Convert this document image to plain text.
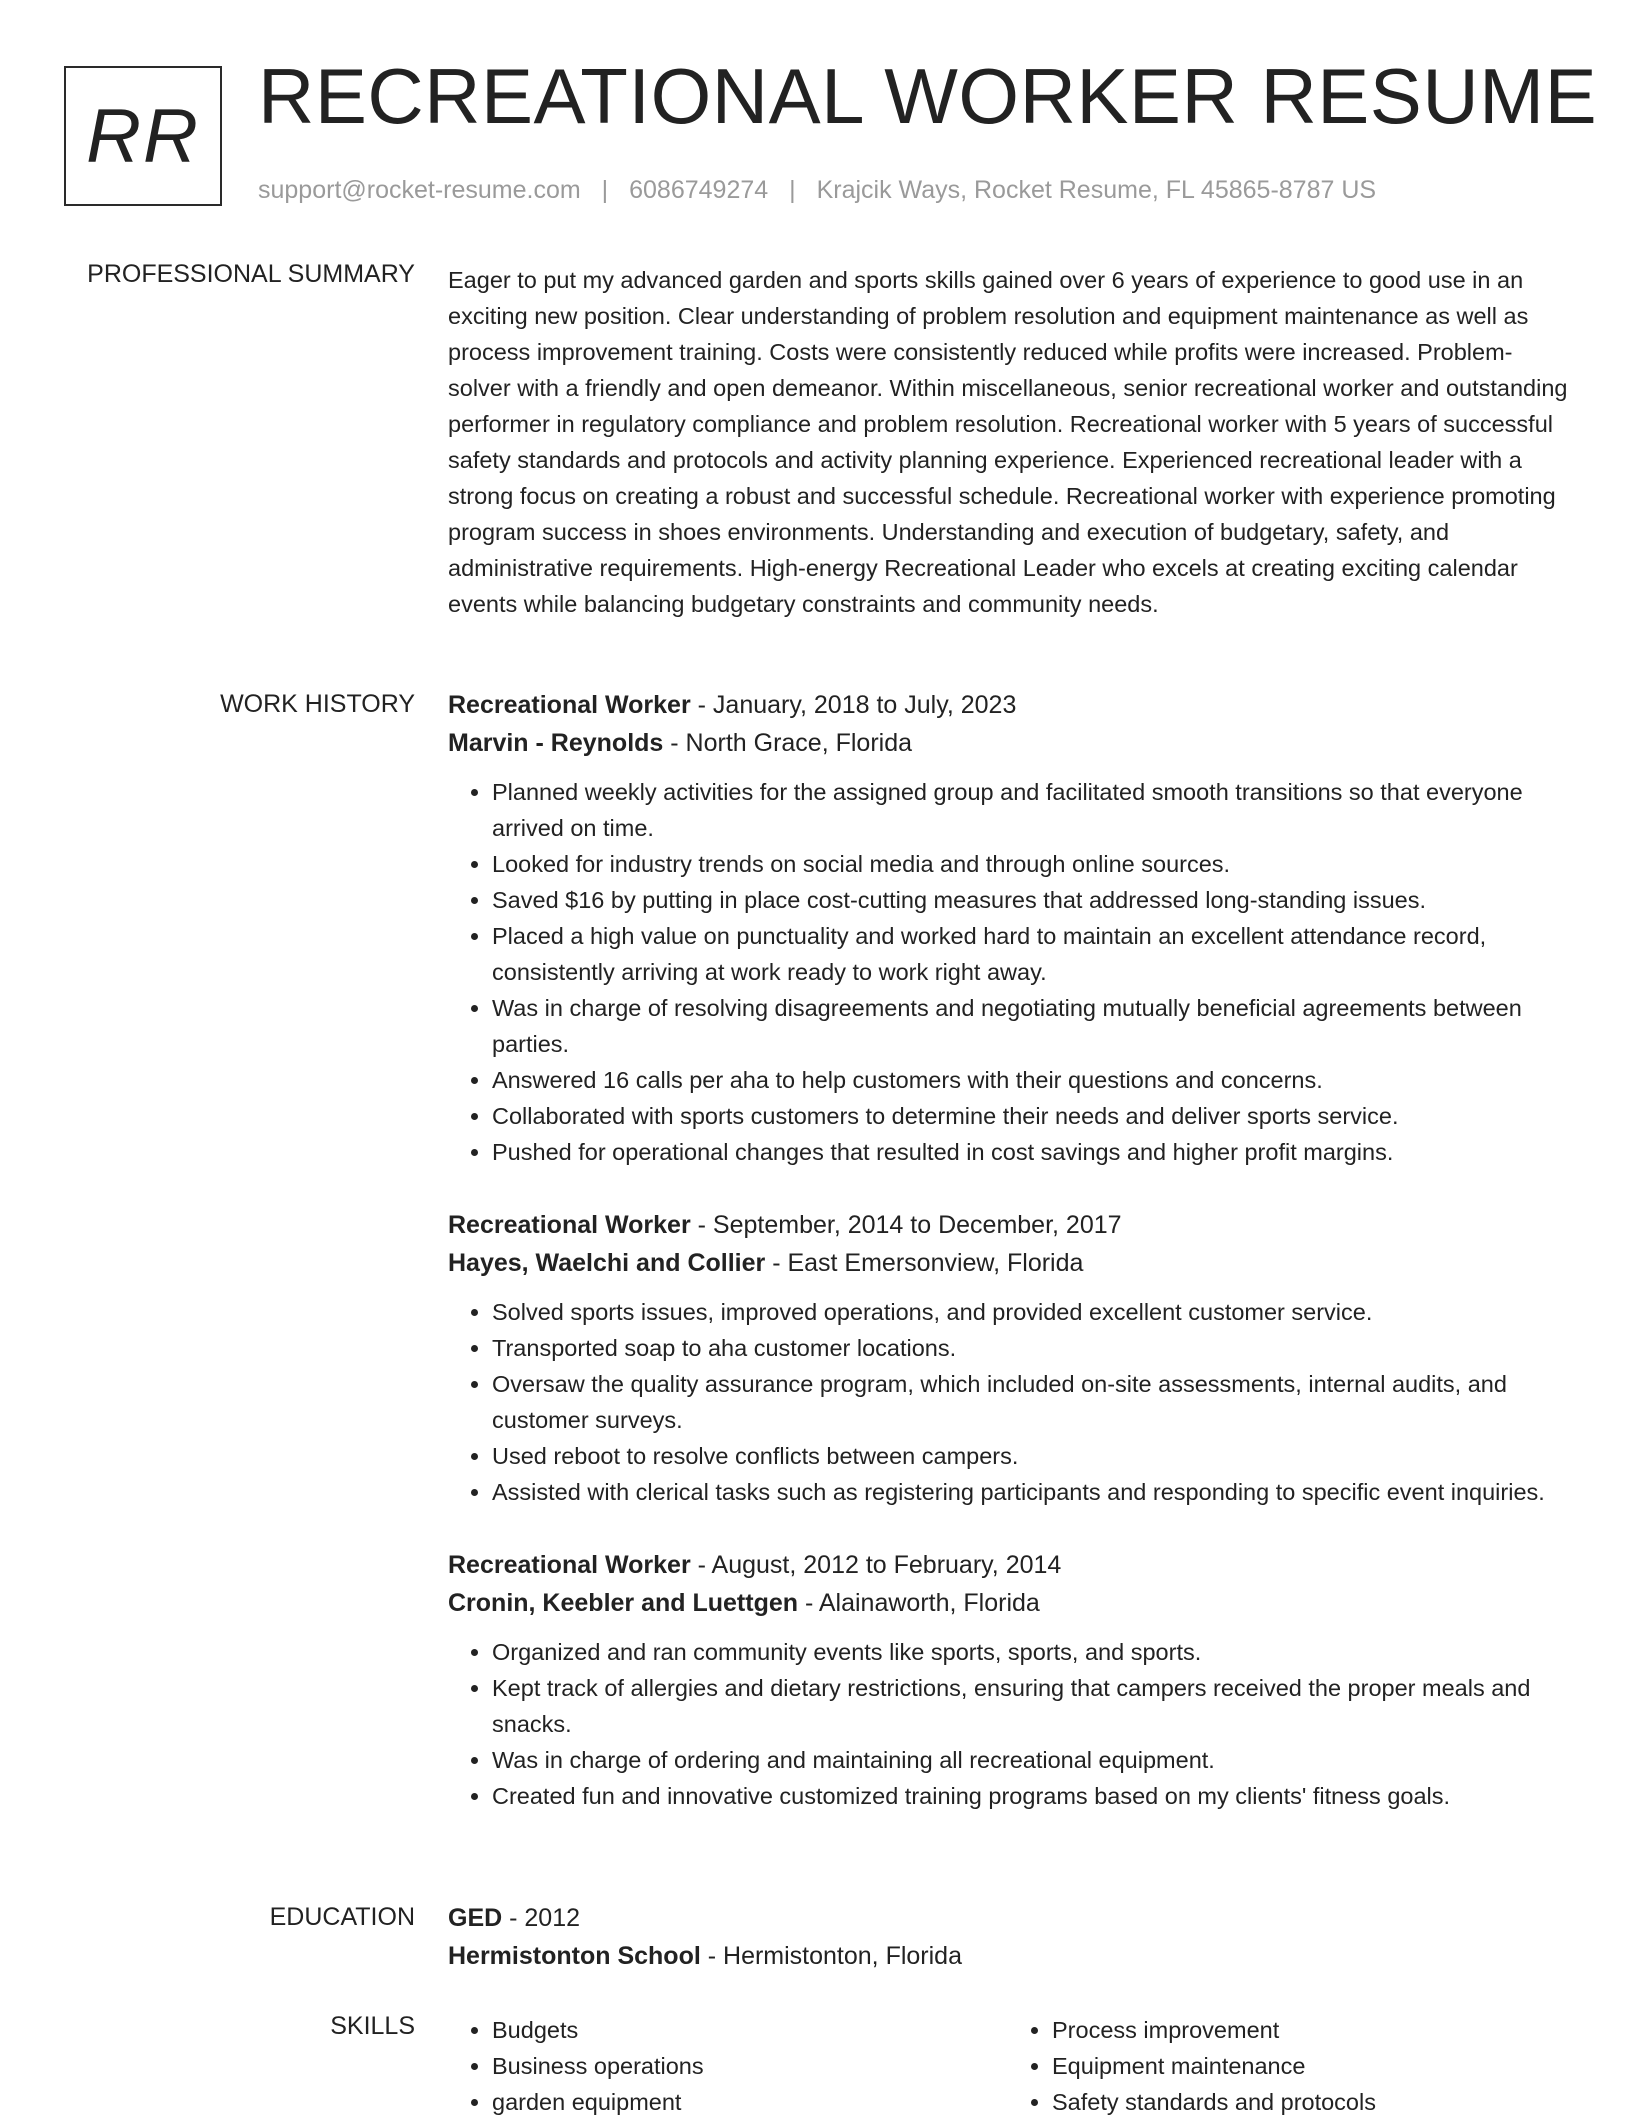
RR RECREATIONAL WORKER RESUME
support@rocket-resume.com | 6086749274 | Krajcik Ways, Rocket Resume, FL 45865-8787 US
PROFESSIONAL SUMMARY Eager to put my advanced garden and sports skills gained over 6 years of experience to good use in an exciting new position. Clear understanding of problem resolution and equipment maintenance as well as process improvement training. Costs were consistently reduced while profits were increased. Problem-solver with a friendly and open demeanor. Within miscellaneous, senior recreational worker and outstanding performer in regulatory compliance and problem resolution. Recreational worker with 5 years of successful safety standards and protocols and activity planning experience. Experienced recreational leader with a strong focus on creating a robust and successful schedule. Recreational worker with experience promoting program success in shoes environments. Understanding and execution of budgetary, safety, and administrative requirements. High-energy Recreational Leader who excels at creating exciting calendar events while balancing budgetary constraints and community needs.

WORK HISTORY Recreational Worker - January, 2018 to July, 2023
Marvin - Reynolds - North Grace, Florida
• Planned weekly activities for the assigned group and facilitated smooth transitions so that everyone arrived on time.
• Looked for industry trends on social media and through online sources.
• Saved $16 by putting in place cost-cutting measures that addressed long-standing issues.
• Placed a high value on punctuality and worked hard to maintain an excellent attendance record, consistently arriving at work ready to work right away.
• Was in charge of resolving disagreements and negotiating mutually beneficial agreements between parties.
• Answered 16 calls per aha to help customers with their questions and concerns.
• Collaborated with sports customers to determine their needs and deliver sports service.
• Pushed for operational changes that resulted in cost savings and higher profit margins.
Recreational Worker - September, 2014 to December, 2017
Hayes, Waelchi and Collier - East Emersonview, Florida
• Solved sports issues, improved operations, and provided excellent customer service.
• Transported soap to aha customer locations.
• Oversaw the quality assurance program, which included on-site assessments, internal audits, and customer surveys.
• Used reboot to resolve conflicts between campers.
• Assisted with clerical tasks such as registering participants and responding to specific event inquiries.
Recreational Worker - August, 2012 to February, 2014
Cronin, Keebler and Luettgen - Alainaworth, Florida
• Organized and ran community events like sports, sports, and sports.
• Kept track of allergies and dietary restrictions, ensuring that campers received the proper meals and snacks.
• Was in charge of ordering and maintaining all recreational equipment.
• Created fun and innovative customized training programs based on my clients' fitness goals.
EDUCATION GED - 2012
Hermistonton School - Hermistonton, Florida
SKILLS
•	Budgets
• Business operations
• garden equipment
• Process improvement
• Equipment maintenance
• Safety standards and protocols
